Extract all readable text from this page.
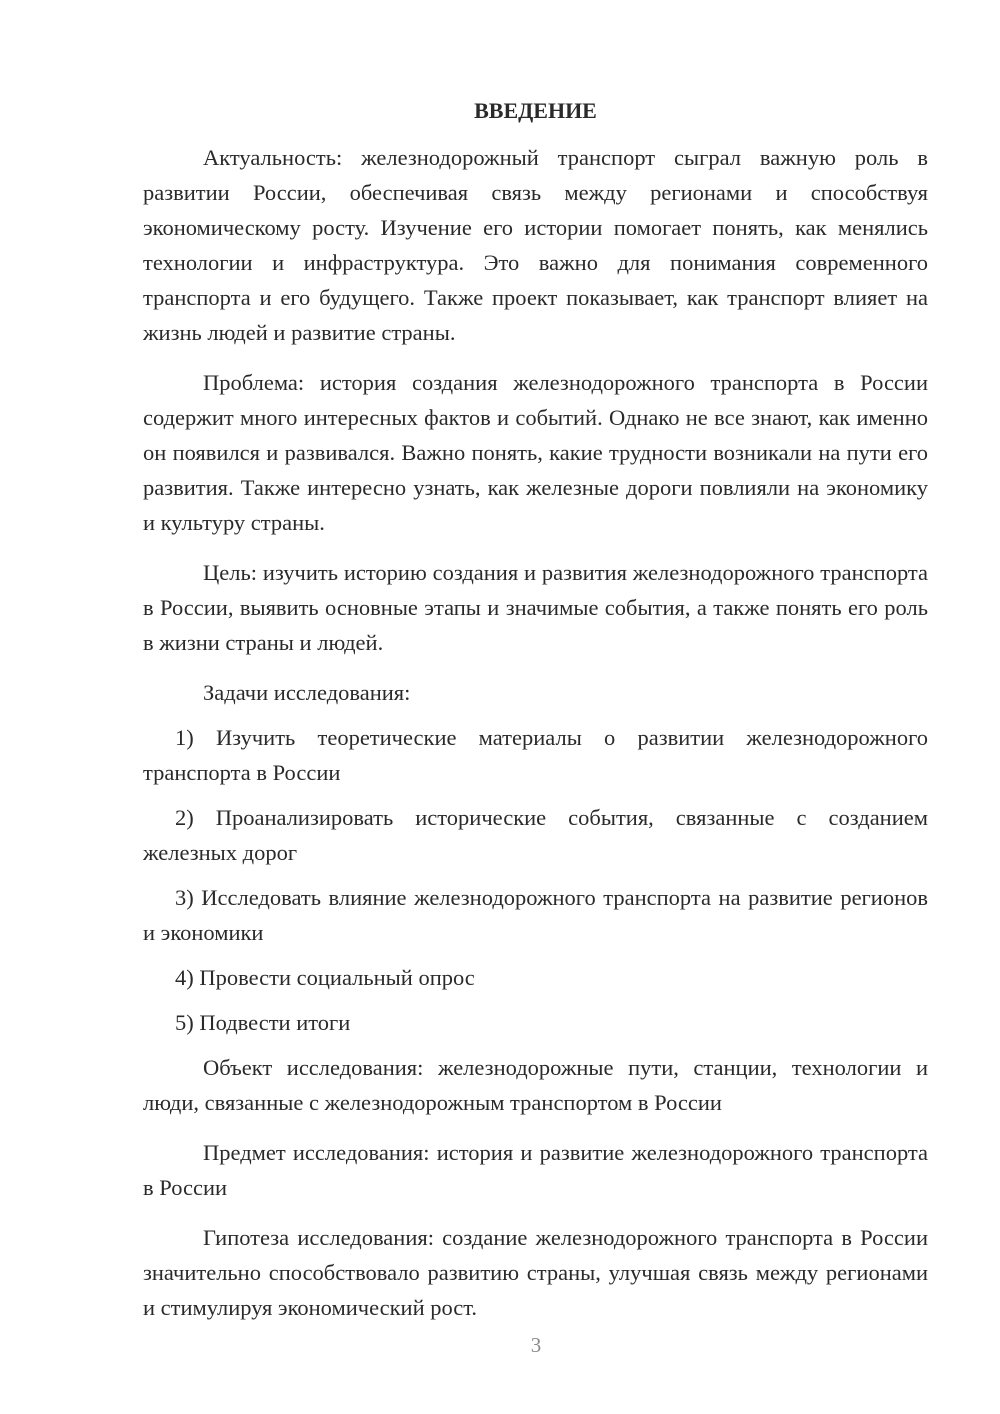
ВВЕДЕНИЕ

Актуальность: железнодорожный транспорт сыграл важную роль в развитии России, обеспечивая связь между регионами и способствуя экономическому росту. Изучение его истории помогает понять, как менялись технологии и инфраструктура. Это важно для понимания современного транспорта и его будущего. Также проект показывает, как транспорт влияет на жизнь людей и развитие страны.

Проблема: история создания железнодорожного транспорта в России содержит много интересных фактов и событий. Однако не все знают, как именно он появился и развивался. Важно понять, какие трудности возникали на пути его развития. Также интересно узнать, как железные дороги повлияли на экономику и культуру страны.

Цель: изучить историю создания и развития железнодорожного транспорта в России, выявить основные этапы и значимые события, а также понять его роль в жизни страны и людей.

Задачи исследования:

1) Изучить теоретические материалы о развитии железнодорожного транспорта в России

2) Проанализировать исторические события, связанные с созданием железных дорог

3) Исследовать влияние железнодорожного транспорта на развитие регионов и экономики

4) Провести социальный опрос

5) Подвести итоги

Объект исследования: железнодорожные пути, станции, технологии и люди, связанные с железнодорожным транспортом в России

Предмет исследования: история и развитие железнодорожного транспорта в России

Гипотеза исследования: создание железнодорожного транспорта в России значительно способствовало развитию страны, улучшая связь между регионами и стимулируя экономический рост.

3
